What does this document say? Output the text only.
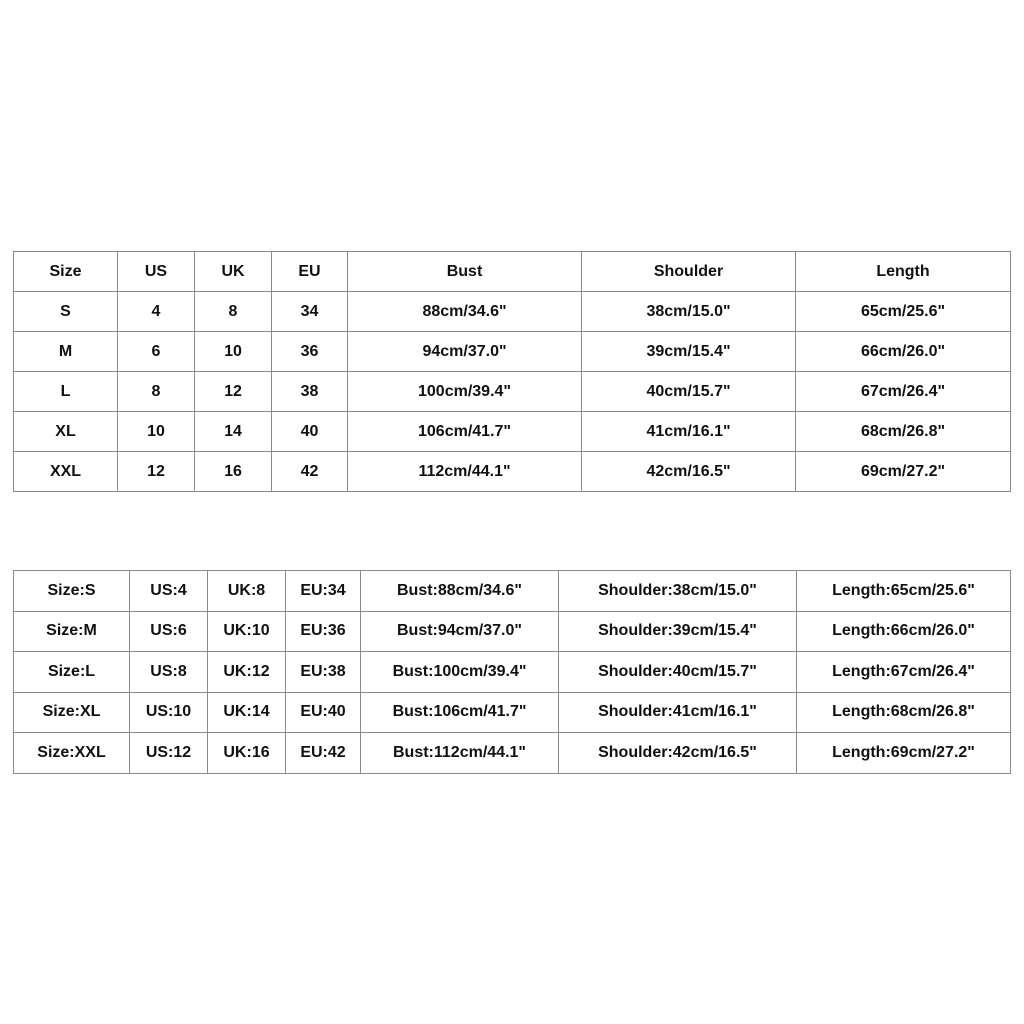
Size	US	UK	EU	Bust	Shoulder	Length
S	4	8	34	88cm/34.6"	38cm/15.0"	65cm/25.6"
M	6	10	36	94cm/37.0"	39cm/15.4"	66cm/26.0"
L	8	12	38	100cm/39.4"	40cm/15.7"	67cm/26.4"
XL	10	14	40	106cm/41.7"	41cm/16.1"	68cm/26.8"
XXL	12	16	42	112cm/44.1"	42cm/16.5"	69cm/27.2"
Size:S	US:4	UK:8	EU:34	Bust:88cm/34.6"	Shoulder:38cm/15.0"	Length:65cm/25.6"
Size:M	US:6	UK:10	EU:36	Bust:94cm/37.0"	Shoulder:39cm/15.4"	Length:66cm/26.0"
Size:L	US:8	UK:12	EU:38	Bust:100cm/39.4"	Shoulder:40cm/15.7"	Length:67cm/26.4"
Size:XL	US:10	UK:14	EU:40	Bust:106cm/41.7"	Shoulder:41cm/16.1"	Length:68cm/26.8"
Size:XXL	US:12	UK:16	EU:42	Bust:112cm/44.1"	Shoulder:42cm/16.5"	Length:69cm/27.2"
